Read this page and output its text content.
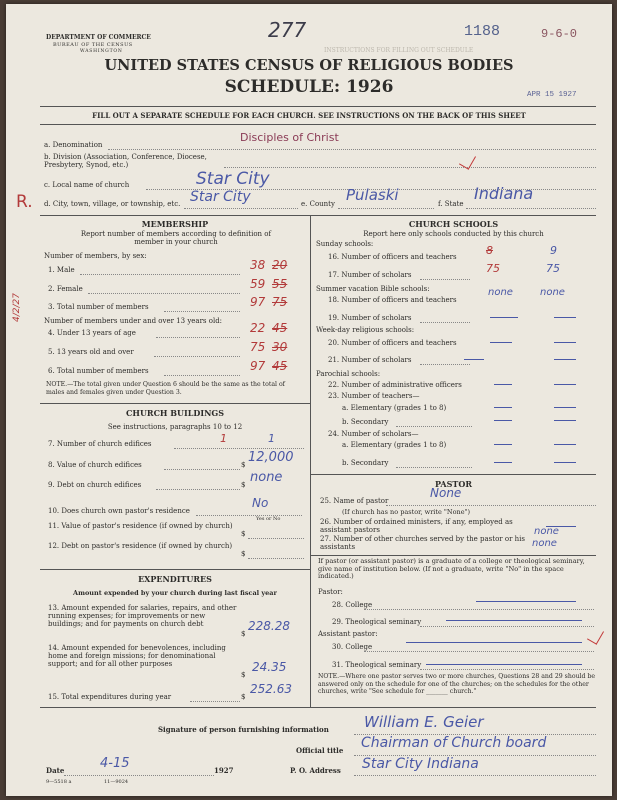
DEPARTMENT OF COMMERCE
BUREAU OF THE CENSUS
WASHINGTON
277	1188	9-6-0
INSTRUCTIONS FOR FILLING OUT SCHEDULE
UNITED STATES CENSUS OF RELIGIOUS BODIES
SCHEDULE: 1926	APR 15 1927
FILL OUT A SEPARATE SCHEDULE FOR EACH CHURCH. SEE INSTRUCTIONS ON THE BACK OF THIS SHEET
a. Denomination
Disciples of Christ
b. Division (Association, Conference, Diocese, Presbytery, Synod, etc.)
c. Local name of church	Star City
R. d. City, town, village, or township, etc. Star City	e. County Pulaski	f. State
Indiana
MEMBERSHIP
Report number of members according to definition of member in your church
Number of members, by sex:
1. Male	38 20
2. Female	59 55
3. Total number of members	97 75
Number of members under and over 13 years old:
4/2/27
4. Under 13 years of age	22 45
5. 13 years old and over	75 30
6. Total number of members	97 45
NOTE.—The total given under Question 6 should be the same as the total of males and females given under Question 3.
CHURCH BUILDINGS
See instructions, paragraphs 10 to 12
7. Number of church edifices	1	1
8. Value of church edifices	$ 12,000
9. Debt on church edifices	$ none
10. Does church own pastor's residence
No
Yes or No
11. Value of pastor's residence (if owned by church)
$
12. Debt on pastor's residence (if owned by church)
$
EXPENDITURES
Amount expended by your church during last fiscal year
13. Amount expended for salaries, repairs, and other running expenses; for improvements or new buildings; and for payments on church debt
$
228.28
14. Amount expended for benevolences, including home and foreign missions; for denominational support; and for all other purposes
$
24.35
15. Total expenditures during year	$
252.63
CHURCH SCHOOLS
Report here only schools conducted by this church
Sunday schools:
16. Number of officers and teachers	8	9
17. Number of scholars	75	75
Summer vacation Bible schools:
18. Number of officers and teachers
none	none
19. Number of scholars
Week-day religious schools:
20. Number of officers and teachers
21. Number of scholars
Parochial schools:
22. Number of administrative officers
23. Number of teachers—
a. Elementary (grades 1 to 8)
b. Secondary
24. Number of scholars—
a. Elementary (grades 1 to 8)
b. Secondary
PASTOR
25. Name of pastor
None
(If church has no pastor, write "None")
26. Number of ordained ministers, if any, employed as assistant pastors
27. Number of other churches served by the pastor or his assistants
none
none
If pastor (or assistant pastor) is a graduate of a college or theological seminary, give name of institution below. (If not a graduate, write "No" in the space indicated.)
Pastor:
28. College
29. Theological seminary
Assistant pastor:
30. College
31. Theological seminary
NOTE.—Where one pastor serves two or more churches, Questions 28 and 29 should be answered only on the schedule for one of the churches; on the schedules for the other churches, write "See schedule for _______ church."
Signature of person furnishing information William E. Geier
Official title Chairman of Church board
Date	4-15	1927	P. O. Address Star City Indiana
9—5518 a	11—9024
